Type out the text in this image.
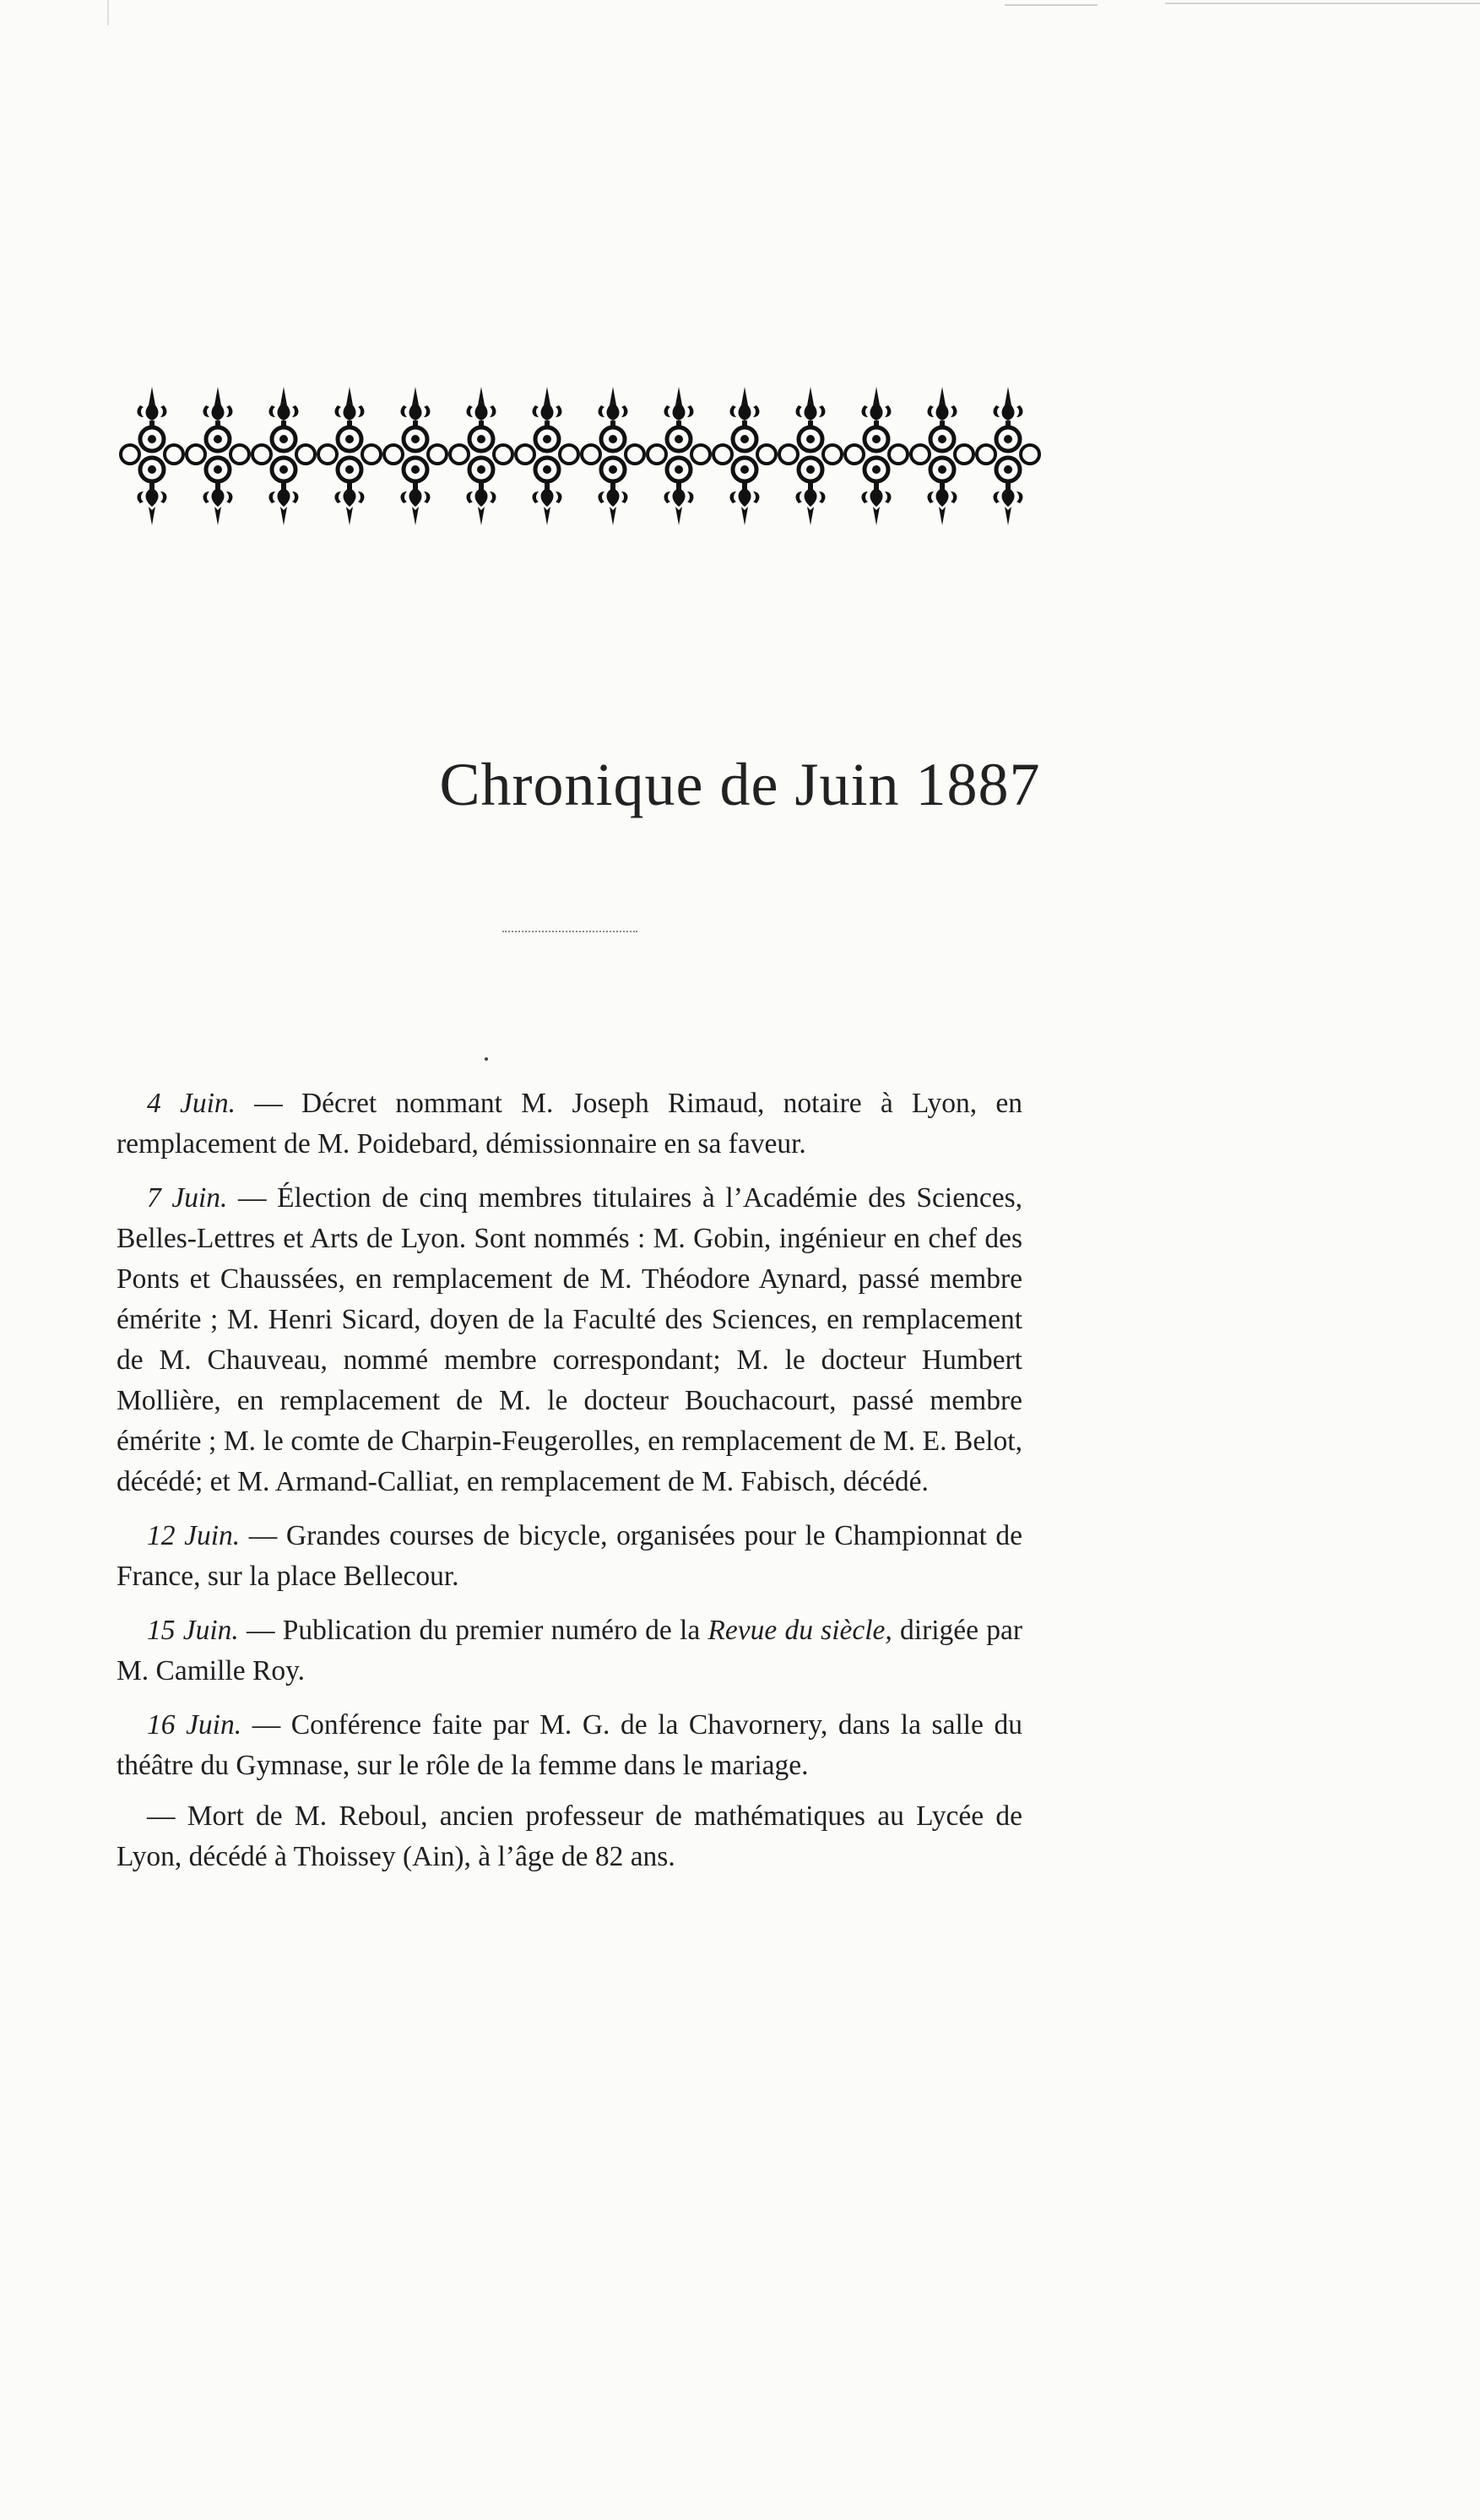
Chronique de Juin 1887

4 Juin. — Décret nommant M. Joseph Rimaud, notaire à Lyon, en remplacement de M. Poidebard, démissionnaire en sa faveur.

7 Juin. — Élection de cinq membres titulaires à l’Académie des Sciences, Belles-Lettres et Arts de Lyon. Sont nommés : M. Gobin, ingénieur en chef des Ponts et Chaussées, en remplacement de M. Théodore Aynard, passé membre émérite ; M. Henri Sicard, doyen de la Faculté des Sciences, en remplacement de M. Chauveau, nommé membre correspondant; M. le docteur Humbert Mollière, en remplacement de M. le docteur Bouchacourt, passé membre émérite ; M. le comte de Charpin-Feugerolles, en remplacement de M. E. Belot, décédé; et M. Armand-Calliat, en remplacement de M. Fabisch, décédé.

12 Juin. — Grandes courses de bicycle, organisées pour le Championnat de France, sur la place Bellecour.

15 Juin. — Publication du premier numéro de la Revue du siècle, dirigée par M. Camille Roy.

16 Juin. — Conférence faite par M. G. de la Chavornery, dans la salle du théâtre du Gymnase, sur le rôle de la femme dans le mariage.

— Mort de M. Reboul, ancien professeur de mathématiques au Lycée de Lyon, décédé à Thoissey (Ain), à l’âge de 82 ans.
